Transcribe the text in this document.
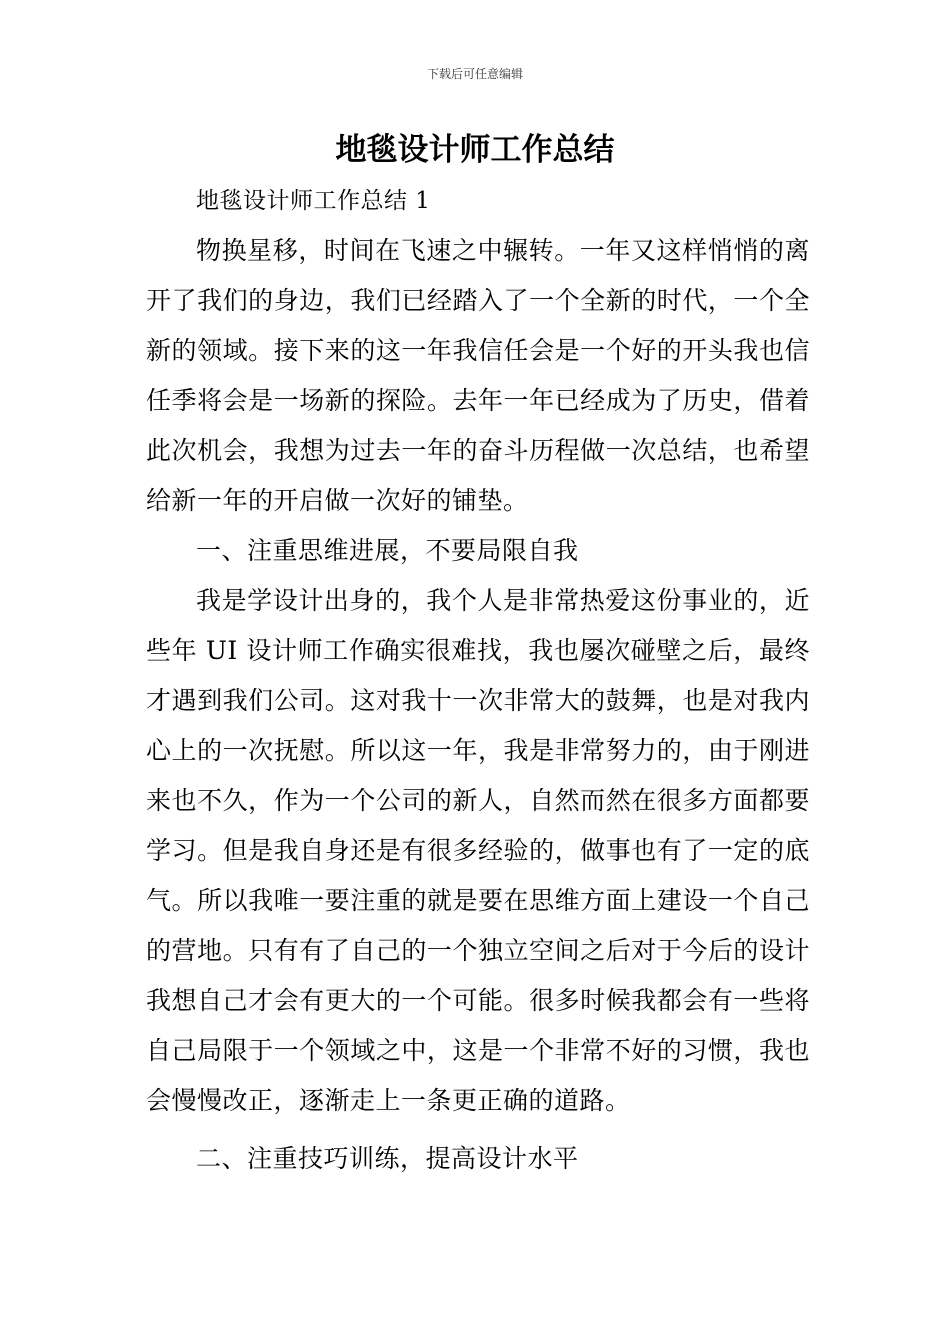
下载后可任意编辑
地毯设计师工作总结

地毯设计师工作总结 1

物换星移，时间在飞速之中辗转。一年又这样悄悄的离开了我们的身边，我们已经踏入了一个全新的时代，一个全新的领域。接下来的这一年我信任会是一个好的开头我也信任季将会是一场新的探险。去年一年已经成为了历史，借着此次机会，我想为过去一年的奋斗历程做一次总结，也希望给新一年的开启做一次好的铺垫。

一、注重思维进展，不要局限自我

我是学设计出身的，我个人是非常热爱这份事业的，近些年 UI 设计师工作确实很难找，我也屡次碰壁之后，最终才遇到我们公司。这对我十一次非常大的鼓舞，也是对我内心上的一次抚慰。所以这一年，我是非常努力的，由于刚进来也不久，作为一个公司的新人，自然而然在很多方面都要学习。但是我自身还是有很多经验的，做事也有了一定的底气。所以我唯一要注重的就是要在思维方面上建设一个自己的营地。只有有了自己的一个独立空间之后对于今后的设计我想自己才会有更大的一个可能。很多时候我都会有一些将自己局限于一个领域之中，这是一个非常不好的习惯，我也会慢慢改正，逐渐走上一条更正确的道路。

二、注重技巧训练，提高设计水平
